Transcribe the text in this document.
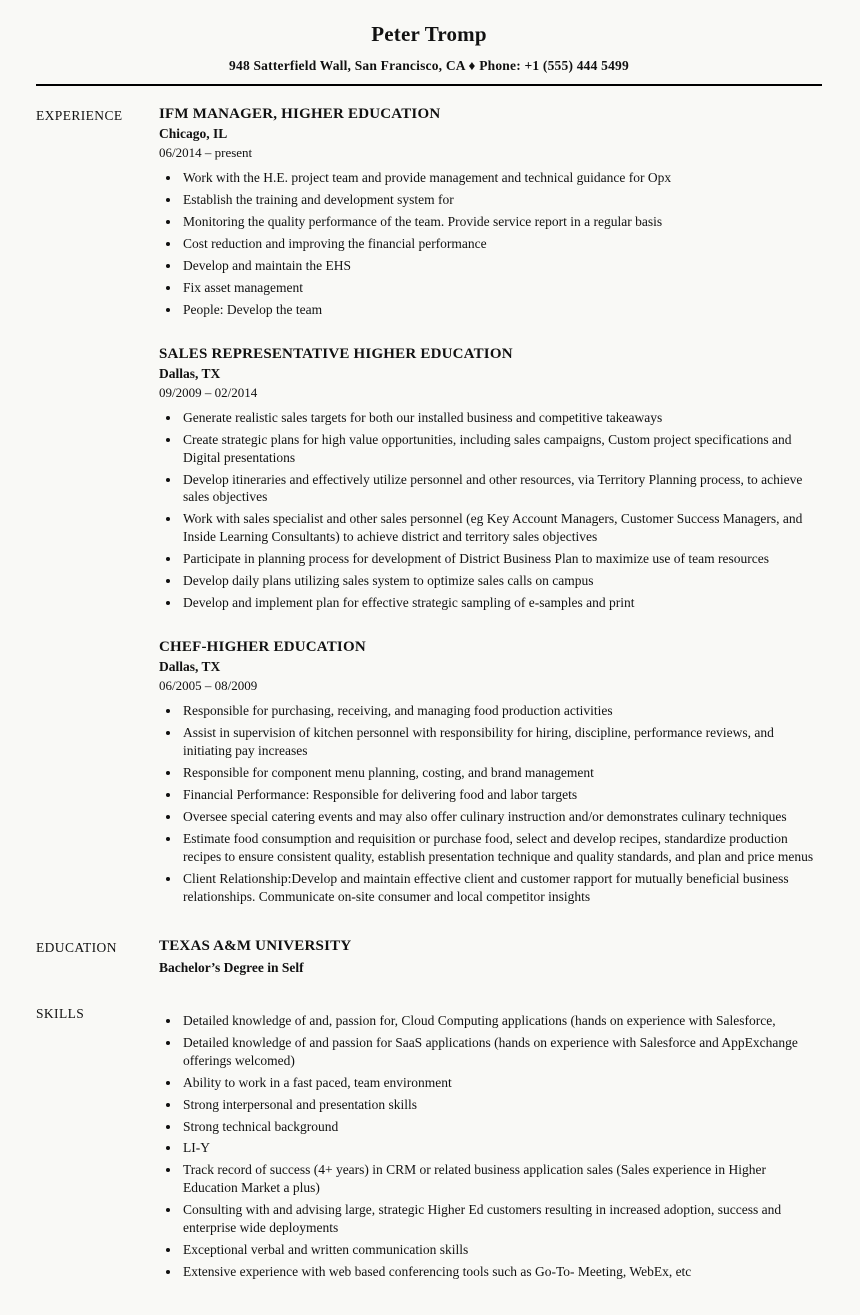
Peter Tromp
948 Satterfield Wall, San Francisco, CA ♦ Phone: +1 (555) 444 5499
EXPERIENCE	IFM MANAGER, HIGHER EDUCATION
Chicago, IL
06/2014 – present
• Work with the H.E. project team and provide management and technical guidance for Opx
• Establish the training and development system for
• Monitoring the quality performance of the team. Provide service report in a regular basis
• Cost reduction and improving the financial performance
• Develop and maintain the EHS
• Fix asset management
• People: Develop the team
SALES REPRESENTATIVE HIGHER EDUCATION
Dallas, TX
09/2009 – 02/2014
• Generate realistic sales targets for both our installed business and competitive takeaways
• Create strategic plans for high value opportunities, including sales campaigns, Custom project specifications and Digital presentations
• Develop itineraries and effectively utilize personnel and other resources, via Territory Planning process, to achieve sales objectives
• Work with sales specialist and other sales personnel (eg Key Account Managers, Customer Success Managers, and Inside Learning Consultants) to achieve district and territory sales objectives
• Participate in planning process for development of District Business Plan to maximize use of team resources
• Develop daily plans utilizing sales system to optimize sales calls on campus
• Develop and implement plan for effective strategic sampling of e-samples and print
CHEF-HIGHER EDUCATION
Dallas, TX
06/2005 – 08/2009
• Responsible for purchasing, receiving, and managing food production activities
• Assist in supervision of kitchen personnel with responsibility for hiring, discipline, performance reviews, and initiating pay increases
• Responsible for component menu planning, costing, and brand management
• Financial Performance: Responsible for delivering food and labor targets
• Oversee special catering events and may also offer culinary instruction and/or demonstrates culinary techniques
• Estimate food consumption and requisition or purchase food, select and develop recipes, standardize production recipes to ensure consistent quality, establish presentation technique and quality standards, and plan and price menus
• Client Relationship:Develop and maintain effective client and customer rapport for mutually beneficial business relationships. Communicate on-site consumer and local competitor insights
EDUCATION	TEXAS A&M UNIVERSITY
Bachelor’s Degree in Self
SKILLS	• Detailed knowledge of and, passion for, Cloud Computing applications (hands on experience with Salesforce,
• Detailed knowledge of and passion for SaaS applications (hands on experience with Salesforce and AppExchange offerings welcomed)
• Ability to work in a fast paced, team environment
• Strong interpersonal and presentation skills
• Strong technical background
• LI-Y
• Track record of success (4+ years) in CRM or related business application sales (Sales experience in Higher Education Market a plus)
• Consulting with and advising large, strategic Higher Ed customers resulting in increased adoption, success and enterprise wide deployments
• Exceptional verbal and written communication skills
• Extensive experience with web based conferencing tools such as Go-To- Meeting, WebEx, etc
